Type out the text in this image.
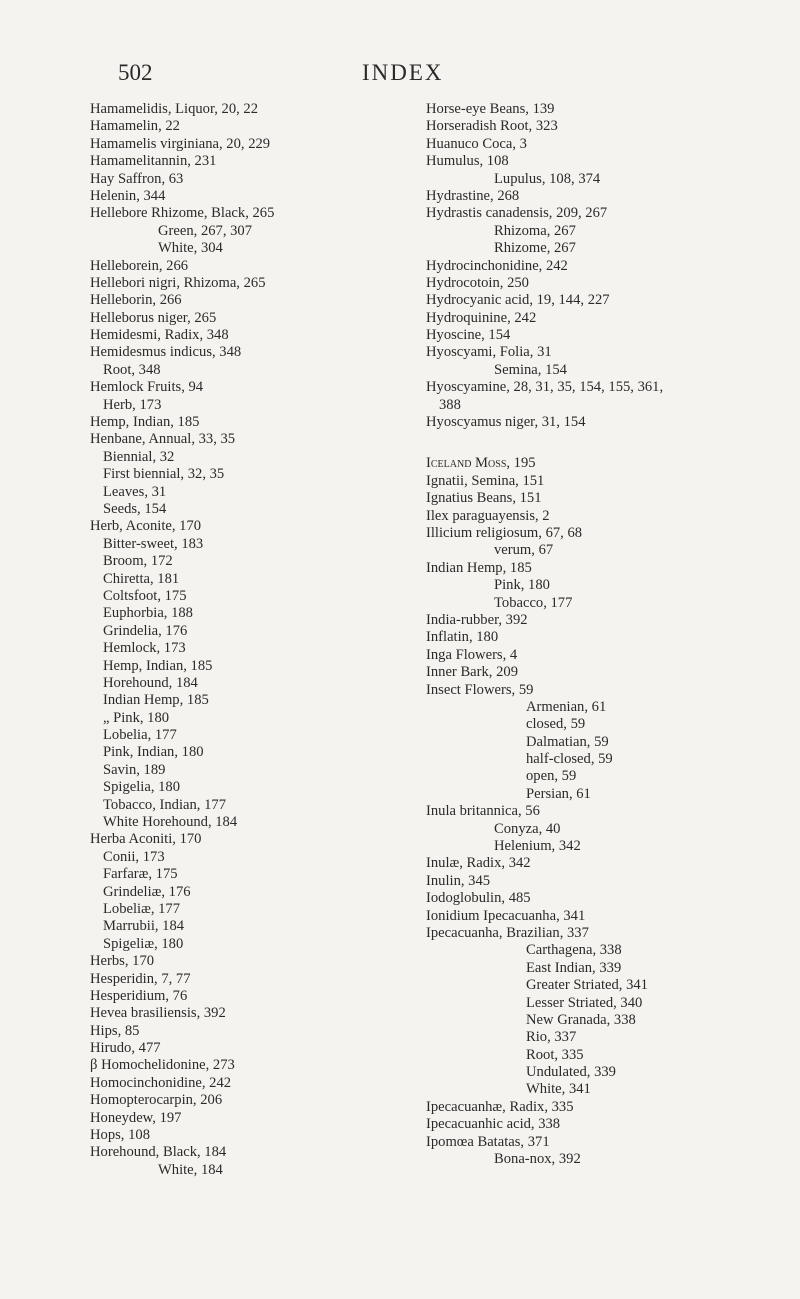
502	INDEX
Hamamelidis, Liquor, 20, 22
Hamamelin, 22
Hamamelis virginiana, 20, 229
Hamamelitannin, 231
Hay Saffron, 63
Helenin, 344
Hellebore Rhizome, Black, 265
Green, 267, 307
White, 304
Helleborein, 266
Hellebori nigri, Rhizoma, 265
Helleborin, 266
Helleborus niger, 265
Hemidesmi, Radix, 348
Hemidesmus indicus, 348
Root, 348
Hemlock Fruits, 94
Herb, 173
Hemp, Indian, 185
Henbane, Annual, 33, 35
Biennial, 32
First biennial, 32, 35
Leaves, 31
Seeds, 154
Herb, Aconite, 170
Bitter-sweet, 183
Broom, 172
Chiretta, 181
Coltsfoot, 175
Euphorbia, 188
Grindelia, 176
Hemlock, 173
Hemp, Indian, 185
Horehound, 184
Indian Hemp, 185
„ Pink, 180
Lobelia, 177
Pink, Indian, 180
Savin, 189
Spigelia, 180
Tobacco, Indian, 177
White Horehound, 184
Herba Aconiti, 170
Conii, 173
Farfaræ, 175
Grindeliæ, 176
Lobeliæ, 177
Marrubii, 184
Spigeliæ, 180
Herbs, 170
Hesperidin, 7, 77
Hesperidium, 76
Hevea brasiliensis, 392
Hips, 85
Hirudo, 477
β Homochelidonine, 273
Homocinchonidine, 242
Homopterocarpin, 206
Honeydew, 197
Hops, 108
Horehound, Black, 184
White, 184
Horse-eye Beans, 139
Horseradish Root, 323
Huanuco Coca, 3
Humulus, 108
Lupulus, 108, 374
Hydrastine, 268
Hydrastis canadensis, 209, 267
Rhizoma, 267
Rhizome, 267
Hydrocinchonidine, 242
Hydrocotoin, 250
Hydrocyanic acid, 19, 144, 227
Hydroquinine, 242
Hyoscine, 154
Hyoscyami, Folia, 31
Semina, 154
Hyoscyamine, 28, 31, 35, 154, 155, 361,
388
Hyoscyamus niger, 31, 154
Iceland Moss, 195
Ignatii, Semina, 151
Ignatius Beans, 151
Ilex paraguayensis, 2
Illicium religiosum, 67, 68
verum, 67
Indian Hemp, 185
Pink, 180
Tobacco, 177
India-rubber, 392
Inflatin, 180
Inga Flowers, 4
Inner Bark, 209
Insect Flowers, 59
Armenian, 61
closed, 59
Dalmatian, 59
half-closed, 59
open, 59
Persian, 61
Inula britannica, 56
Conyza, 40
Helenium, 342
Inulæ, Radix, 342
Inulin, 345
Iodoglobulin, 485
Ionidium Ipecacuanha, 341
Ipecacuanha, Brazilian, 337
Carthagena, 338
East Indian, 339
Greater Striated, 341
Lesser Striated, 340
New Granada, 338
Rio, 337
Root, 335
Undulated, 339
White, 341
Ipecacuanhæ, Radix, 335
Ipecacuanhic acid, 338
Ipomœa Batatas, 371
Bona-nox, 392
